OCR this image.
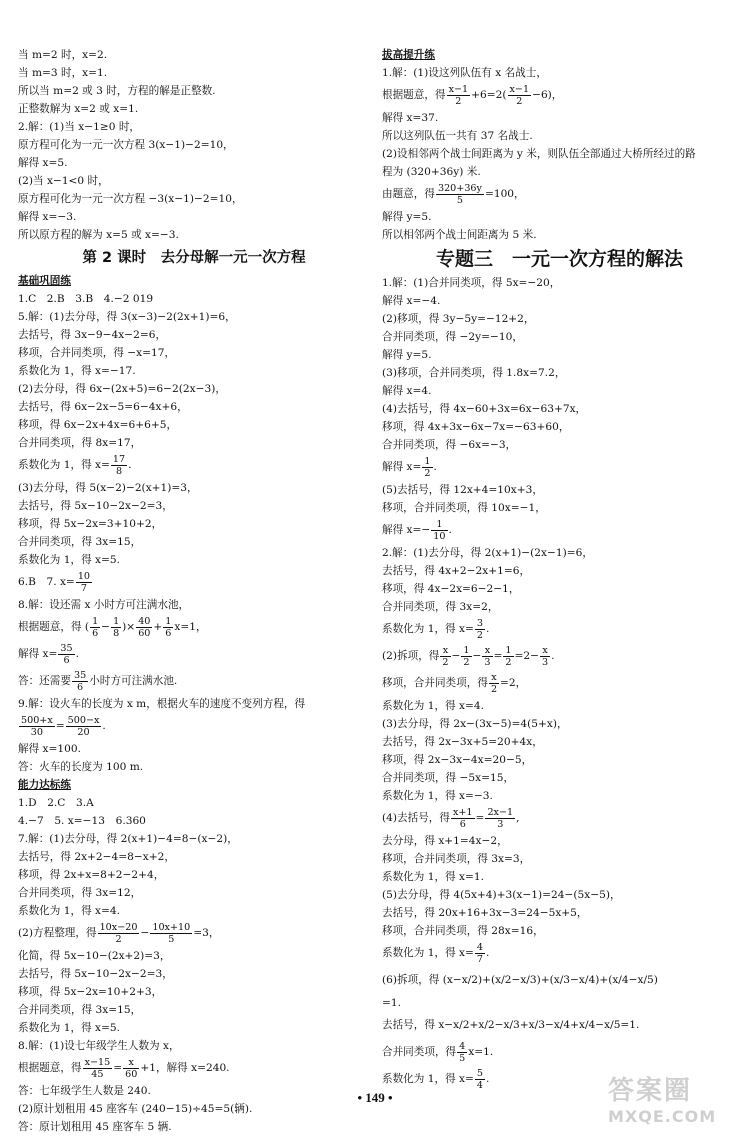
当 m=2 时，x=2.
当 m=3 时，x=1.
所以当 m=2 或 3 时，方程的解是正整数.
正整数解为 x=2 或 x=1.
2.解：(1)当 x−1≥0 时，
原方程可化为一元一次方程 3(x−1)−2=10，
解得 x=5.
(2)当 x−1<0 时，
原方程可化为一元一次方程 −3(x−1)−2=10，
解得 x=−3.
所以原方程的解为 x=5 或 x=−3.
第 2 课时　去分母解一元一次方程
基础巩固练
1.C　2.B　3.B　4.−2 019
5.解：(1)去分母，得 3(x−3)−2(2x+1)=6，
去括号，得 3x−9−4x−2=6，
移项，合并同类项，得 −x=17，
系数化为 1，得 x=−17.
(2)去分母，得 6x−(2x+5)=6−2(2x−3)，
去括号，得 6x−2x−5=6−4x+6，
移项，得 6x−2x+4x=6+6+5，
合并同类项，得 8x=17，
系数化为 1，得 $x= \frac{17}{8}$ .
(3)去分母，得 5(x−2)−2(x+1)=3，
去括号，得 5x−10−2x−2=3，
移项，得 5x−2x=3+10+2，
合并同类项，得 3x=15，
系数化为 1，得 x=5.
6.B　7. $x= \frac{10}{7}$
8.解：设还需 x 小时方可注满水池，
根据题意，得 ( $\frac{1}{6} - \frac{1}{8}$ )× $\frac{40}{60} + \frac{1}{6} x=1$，
解得 $x= \frac{35}{6}$ .
答：还需要 $\frac{35}{6}$ 小时方可注满水池.
9.解：设火车的长度为 x m，根据火车的速度不变列方程，得
$\frac{500+x}{30} = \frac{500-x}{20}$ .
解得 x=100.
答：火车的长度为 100 m.
能力达标练
1.D　2.C　3.A
4.−7　5. x=−13　6.360
7.解：(1)去分母，得 2(x+1)−4=8−(x−2)，
去括号，得 2x+2−4=8−x+2，
移项，得 2x+x=8+2−2+4，
合并同类项，得 3x=12，
系数化为 1，得 x=4.
(2)方程整理，得 $\frac{10x-20}{2} - \frac{10x+10}{5} =3$，
化简，得 5x−10−(2x+2)=3，
去括号，得 5x−10−2x−2=3，
移项，得 5x−2x=10+2+3，
合并同类项，得 3x=15，
系数化为 1，得 x=5.
8.解：(1)设七年级学生人数为 x，
根据题意，得 $\frac{x-15}{45} = \frac{x}{60} +1$，解得 x=240.
答：七年级学生人数是 240.
(2)原计划租用 45 座客车 (240−15)÷45=5(辆).
答：原计划租用 45 座客车 5 辆.
拔高提升练
1.解：(1)设这列队伍有 x 名战士，
根据题意，得 $\frac{x-1}{2} +6=2( \frac{x-1}{2} -6)$，
解得 x=37.
所以这列队伍一共有 37 名战士.
(2)设相邻两个战士间距离为 y 米，则队伍全部通过大桥所经过的路
程为 (320+36y) 米.
由题意，得 $\frac{320+36y}{5} =100$，
解得 y=5.
所以相邻两个战士间距离为 5 米.
专题三　一元一次方程的解法
1.解：(1)合并同类项，得 5x=−20，
解得 x=−4.
(2)移项，得 3y−5y=−12+2，
合并同类项，得 −2y=−10，
解得 y=5.
(3)移项，合并同类项，得 1.8x=7.2，
解得 x=4.
(4)去括号，得 4x−60+3x=6x−63+7x，
移项，得 4x+3x−6x−7x=−63+60，
合并同类项，得 −6x=−3，
解得 $x= \frac{1}{2}$ .
(5)去括号，得 12x+4=10x+3，
移项，合并同类项，得 10x=−1，
解得 $x=- \frac{1}{10}$ .
2.解：(1)去分母，得 2(x+1)−(2x−1)=6，
去括号，得 4x+2−2x+1=6，
移项，得 4x−2x=6−2−1，
合并同类项，得 3x=2，
系数化为 1，得 $x= \frac{3}{2}$ .
(2)拆项，得 $\frac{x}{2} - \frac{1}{2} - \frac{x}{3} = \frac{1}{2} =2- \frac{x}{3}$ .
移项，合并同类项，得 $\frac{x}{2} =2$，
系数化为 1，得 x=4.
(3)去分母，得 2x−(3x−5)=4(5+x)，
去括号，得 2x−3x+5=20+4x，
移项，得 2x−3x−4x=20−5，
合并同类项，得 −5x=15，
系数化为 1，得 x=−3.
(4)去括号，得 $\frac{x+1}{6} = \frac{2x-1}{3}$ ,
去分母，得 x+1=4x−2，
移项，合并同类项，得 3x=3，
系数化为 1，得 x=1.
(5)去分母，得 4(5x+4)+3(x−1)=24−(5x−5)，
去括号，得 20x+16+3x−3=24−5x+5，
移项，合并同类项，得 28x=16，
系数化为 1，得 $x= \frac{4}{7}$ .
(6)拆项，得 (x−x/2)+(x/2−x/3)+(x/3−x/4)+(x/4−x/5)
=1.
去括号，得 x−x/2+x/2−x/3+x/3−x/4+x/4−x/5=1.
合并同类项，得 $\frac{4}{5} x=1$.
系数化为 1，得 $x= \frac{5}{4}$ .
• 149 •	答案圈
MXQE.COM
